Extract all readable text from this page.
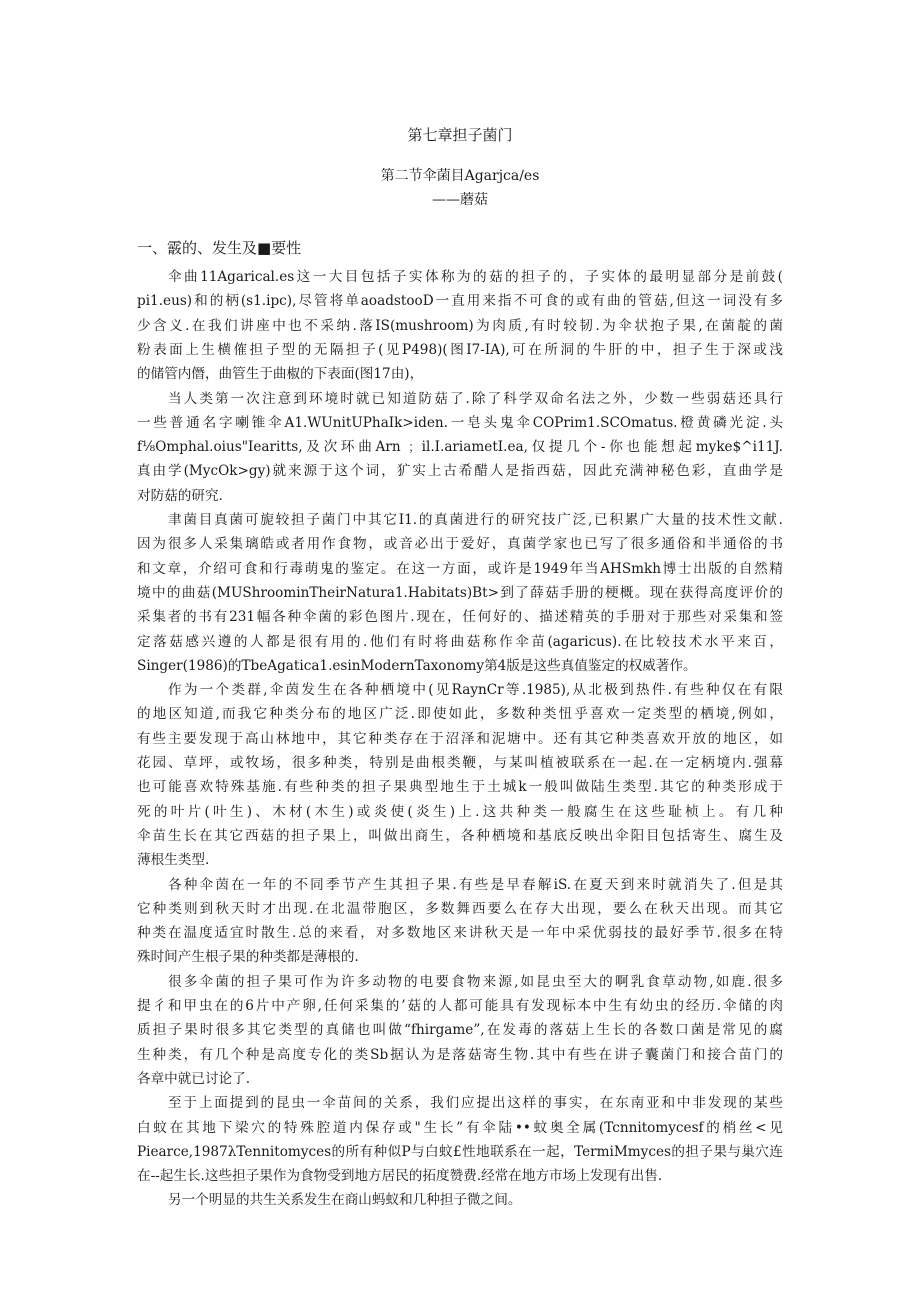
第七章担子菌门
第二节伞菌目Agarjca∕es
——蘑菇
一、霰的、发生及■要性
伞曲11Agarical.es这一大目包括子实体称为的菇的担子的，子实体的最明显部分是前鼓(
pi1.eus)和的柄(s1.ipc),尽管将单aoadstooD一直用来指不可食的或有曲的管菇,但这一词没有多
少含义.在我们讲座中也不采纳.落IS(mushroom)为肉质,有时较韧.为伞状抱子果,在菌靛的菌
粉表面上生横傕担子型的无隔担子(见P498)(图I7-IA),可在所洞的牛肝的中，担子生于深或浅
的储管内僭，曲管生于曲椒的下表面(图17由)，
当人类第一次注意到环境时就已知道防菇了.除了科学双命名法之外，少数一些弱菇还具行
一些普通名字喇锥伞A1.WUnitUPhaIk>iden.一皂头鬼伞COPrim1.SCOmatus.橙黄磷光淀.头
f⅛Omphal.oius"Iearitts,及次环曲Arn﹔il.I.ariametI.ea,仅提几个-你也能想起myke$^i11J.
真由学(MycOk>gy)就来源于这个词，犷实上古希醋人是指西菇，因此充满神秘色彩，直曲学是
对防菇的研究.
聿菌目真菌可旎较担子菌门中其它I1.的真菌进行的研究技广泛,已积累广大量的技术性文献.
因为很多人采集璃皓或者用作食物，或音必出于爱好，真菌学家也已写了很多通俗和半通俗的书
和文章，介绍可食和行毒萌鬼的鉴定。在这一方面，或许是1949年当AHSmkh博士出版的自然精
境中的曲菇(MUShroominTheirNatura1.Habitats)Bt>到了薛菇手册的梗概。现在获得高度评价的
采集者的书有231幅各种伞菌的彩色图片.现在，任何好的、描述精英的手册对于那些对采集和签
定落菇感兴遵的人都是很有用的.他们有时将曲菇称作伞苗(agaricus).在比较技术水平来百，
Singer(1986)的TbeAgatica1.esinModernTaxonomy第4版是这些真值鉴定的权威著作。
作为一个类群,伞茵发生在各种栖境中(见RaynCr等.1985),从北极到热件.有些种仅在有限
的地区知道,而我它种类分布的地区广泛.即使如此，多数种类忸乎喜欢一定类型的栖境,例如，
有些主要发现于高山林地中，其它种类存在于沼泽和泥塘中。还有其它种类喜欢开放的地区，如
花园、草坪，或牧场，很多种类，特别是曲根类鞭，与某叫植被联系在一起.在一定柄境内.强幕
也可能喜欢特殊基施.有些种类的担子果典型地生于土城k一般叫做陆生类型.其它的种类形成于
死的叶片(叶生)、木材(木生)或炎使(炎生)上.这共种类一般腐生在这些耻桢上。有几种
伞苗生长在其它西菇的担子果上，叫做出商生，各种栖境和基底反映出伞阳目包括寄生、腐生及
薄根生类型.
各种伞茵在一年的不同季节产生其担子果.有些是早春解iS.在夏天到来时就消失了.但是其
它种类则到秋天时才出现.在北温带胞区，多数舞西要么在存大出现，要么在秋天出现。而其它
种类在温度适宜时散生.总的来看，对多数地区来讲秋天是一年中采优弱技的最好季节.很多在特
殊时间产生根子果的种类都是薄根的.
很多伞菌的担子果可作为许多动物的电要食物来源,如昆虫至大的啊乳食草动物,如鹿.很多
提彳和甲虫在的6片中产卵,任何采集的’菇的人都可能具有发现标本中生有幼虫的经历.伞储的肉
质担子果时很多其它类型的真储也叫做“fhirgame”,在发毒的落菇上生长的各数口菌是常见的腐
生种类，有几个种是高度专化的类Sb据认为是落菇寄生物.其中有些在讲子囊菌门和接合苗门的
各章中就已讨论了.
至于上面提到的昆虫一伞苗间的关系，我们应提出这样的事实，在东南亚和中非发现的某些
白蚊在其地下梁穴的特殊腔道内保存或"生长”有伞陆••蚊奥全属(Tcnnitomycesf的梢丝<见
Piearce,1987λTennitomyces的所有种似P与白蚊£性地联系在一起，TermiMmyces的担子果与巢穴连
在--起生长.这些担子果作为食物受到地方居民的拓度赞费.经常在地方市场上发现有出售.
另一个明显的共生关系发生在商山蚂蚁和几种担子微之间。
